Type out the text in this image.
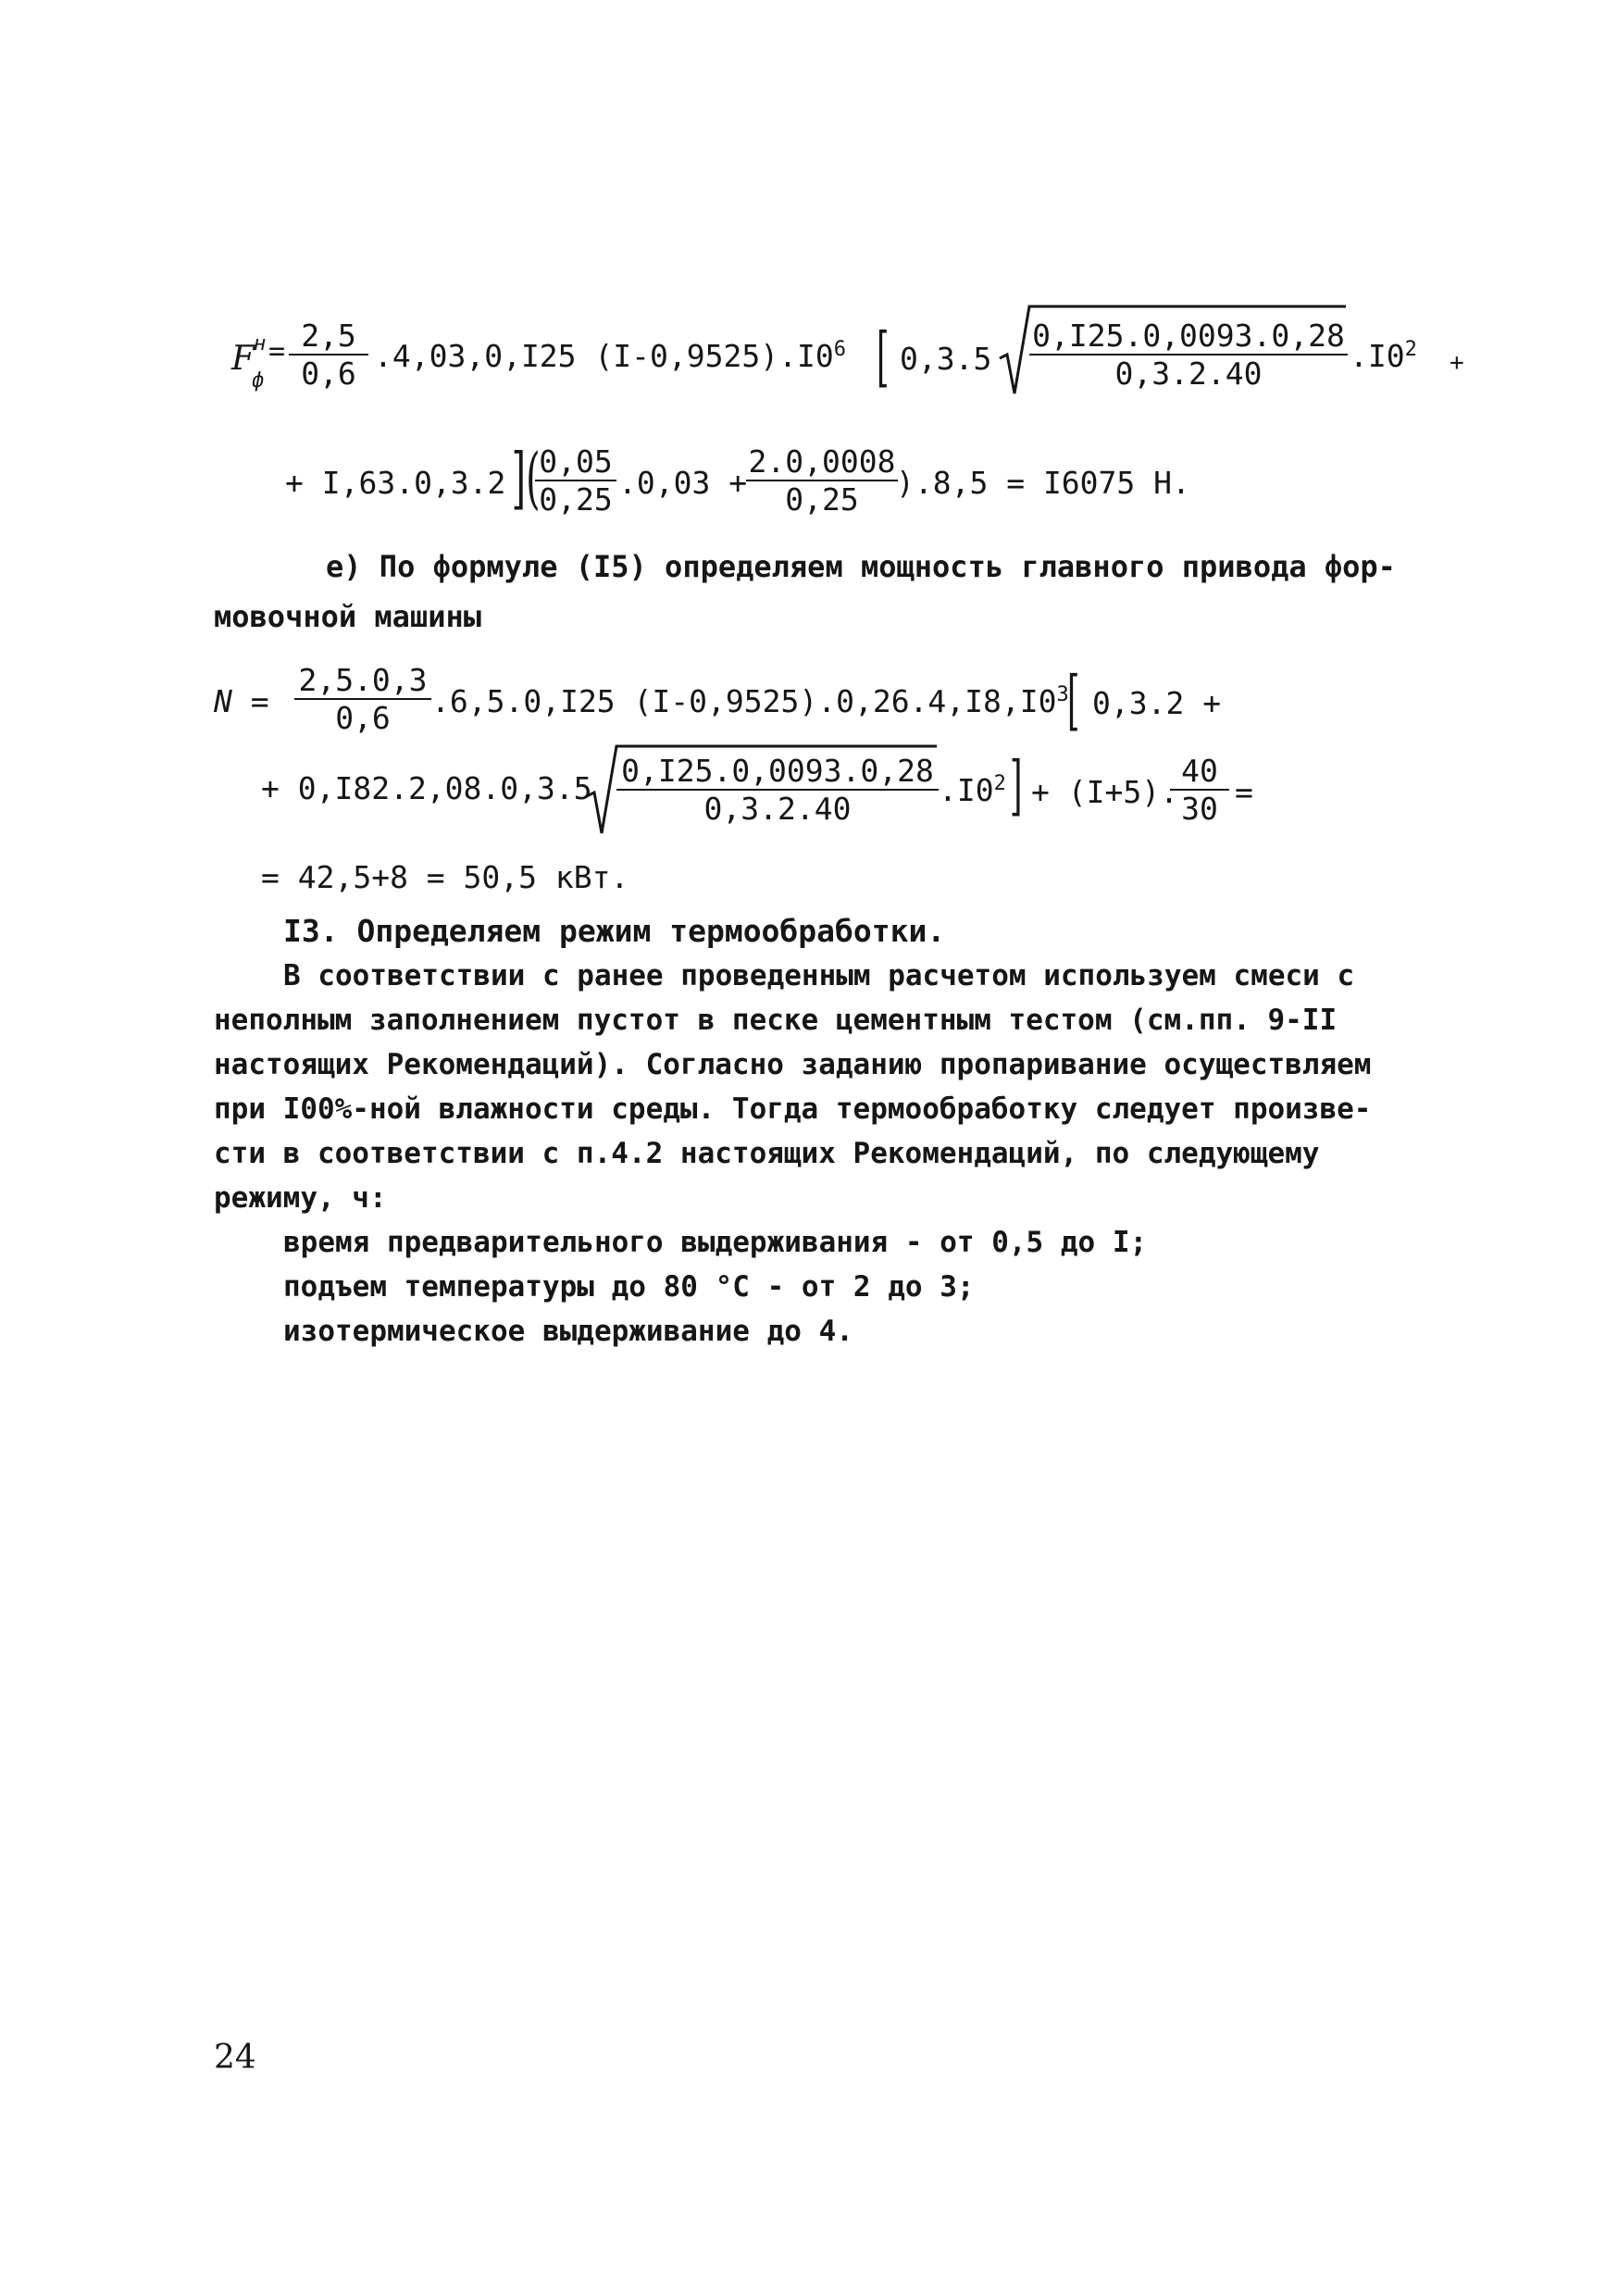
F н
ф
= $\frac{2,5}{0,6} .4,03,0,I25$ $(I-0,9525).I0^6$ [ $0,3.5 \frac{0,I25.0,0093.0,28}{0,3.2.40} .I0^2$ +
+ I,63.0,3.2 ](
$\frac{0,05}{0,25} .0,03$ +
$\frac{2.0,0008}{0,25}$
).8,5 = I6075 Н.
е) По формуле (I5) определяем мощность главного привода фор-
мовочной машины
$N = \frac{2,5.0,3}{0,6} .6,5.0,I25$ $(I-0,9525).0,26.4,I8,I0^3$
[ 0,3.2 +
+ $0,I82.2,08.0,3.5 \frac{0,I25.0,0093.0,28}{0,3.2.40} .I0^2$ ] + (I+5).
$\frac{40}{30}$ =
= 42,5+8 = 50,5 кВт.
I3. Определяем режим термообработки.
В соответствии с ранее проведенным расчетом используем смеси с
неполным заполнением пустот в песке цементным тестом (см.пп. 9-II
настоящих Рекомендаций). Согласно заданию пропаривание осуществляем
при I00%-ной влажности среды. Тогда термообработку следует произве-
сти в соответствии с п.4.2 настоящих Рекомендаций, по следующему
режиму, ч:
время предварительного выдерживания - от 0,5 до I;
подъем температуры до 80 °С - от 2 до 3;
изотермическое выдерживание до 4.
24
